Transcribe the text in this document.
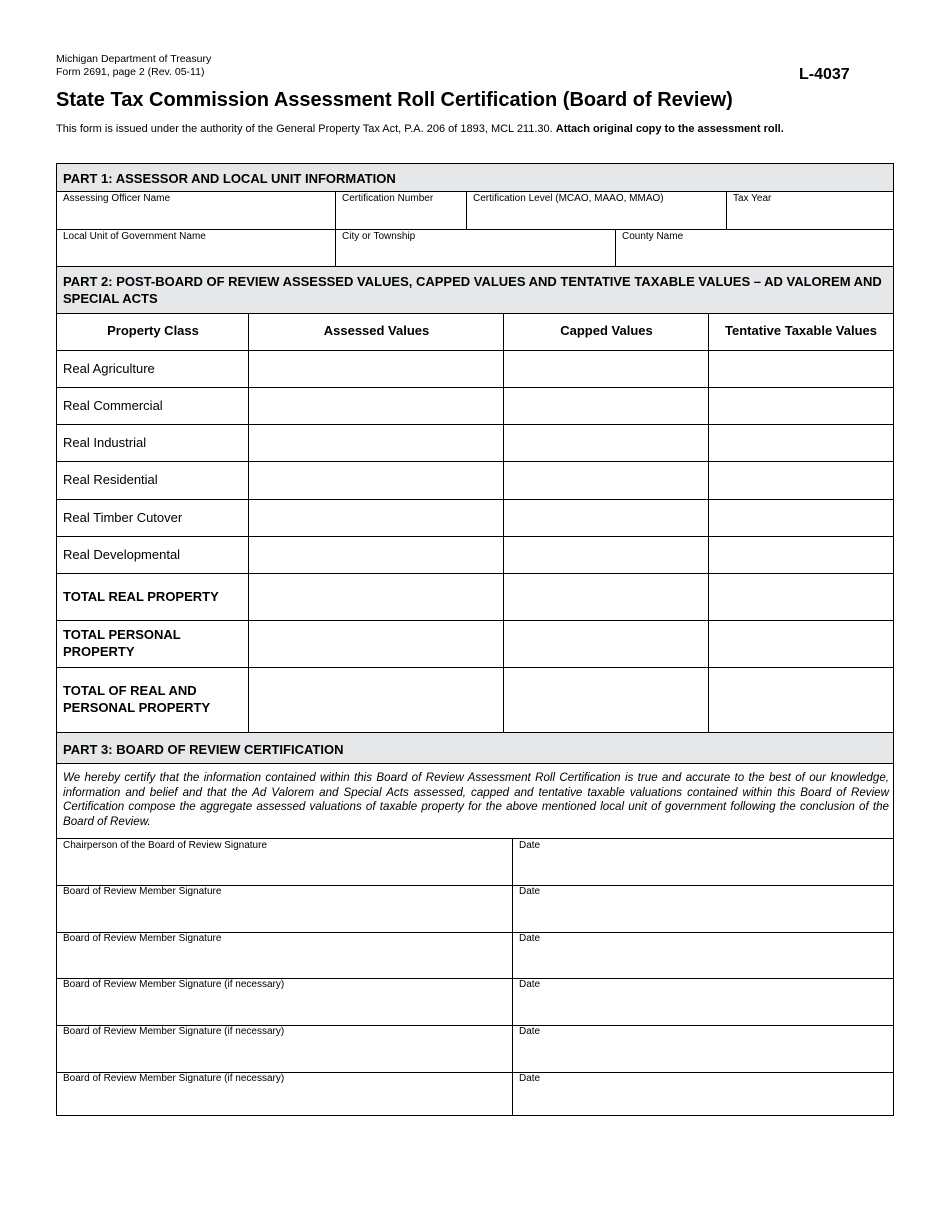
Michigan Department of Treasury
Form 2691, page 2 (Rev. 05-11)	L-4037
State Tax Commission Assessment Roll Certification (Board of Review)
This form is issued under the authority of the General Property Tax Act, P.A. 206 of 1893, MCL 211.30. Attach original copy to the assessment roll.
PART 1: ASSESSOR AND LOCAL UNIT INFORMATION
Assessing Officer Name	Certification Number	Certification Level (MCAO, MAAO, MMAO)	Tax Year
Local Unit of Government Name	City or Township	County Name
PART 2: POST-BOARD OF REVIEW ASSESSED VALUES, CAPPED VALUES AND TENTATIVE TAXABLE VALUES – AD VALOREM AND SPECIAL ACTS
Property Class	Assessed Values	Capped Values	Tentative Taxable Values
Real Agriculture
Real Commercial
Real Industrial
Real Residential
Real Timber Cutover
Real Developmental
TOTAL REAL PROPERTY
TOTAL PERSONAL PROPERTY
TOTAL OF REAL AND PERSONAL PROPERTY
PART 3: BOARD OF REVIEW CERTIFICATION
We hereby certify that the information contained within this Board of Review Assessment Roll Certification is true and accurate to the best of our knowledge, information and belief and that the Ad Valorem and Special Acts assessed, capped and tentative taxable valuations contained within this Board of Review Certification compose the aggregate assessed valuations of taxable property for the above mentioned local unit of government following the conclusion of the Board of Review.
Chairperson of the Board of Review Signature	Date
Board of Review Member Signature	Date
Board of Review Member Signature	Date
Board of Review Member Signature (if necessary)	Date
Board of Review Member Signature (if necessary)	Date
Board of Review Member Signature (if necessary)	Date
